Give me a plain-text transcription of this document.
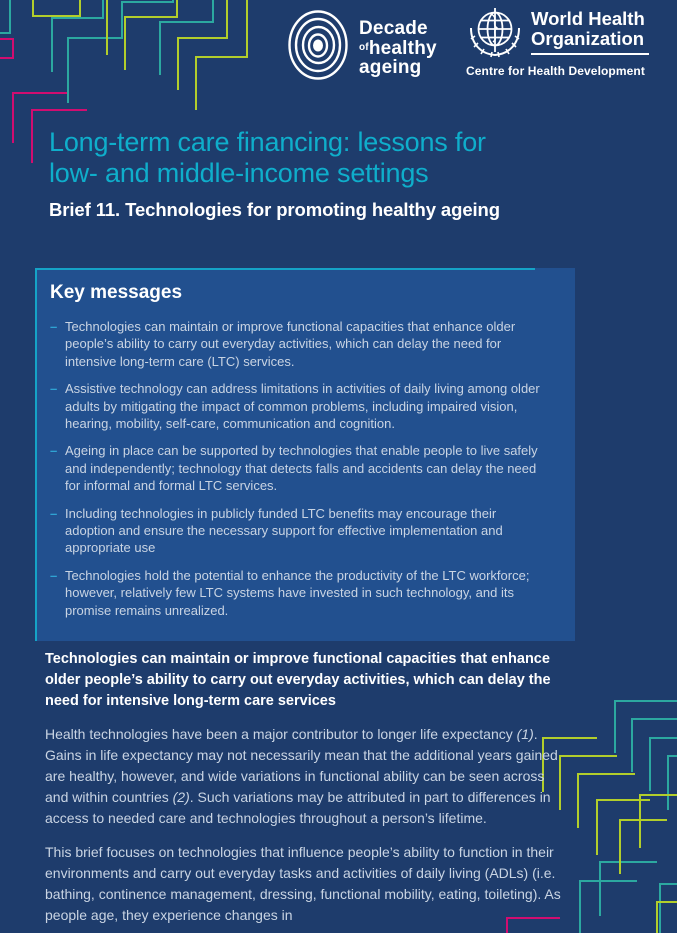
Decade
$^{of}$healthy
ageing
World Health
Organization
Centre for Health Development
Long-term care financing: lessons for
low- and middle-income settings
Brief 11. Technologies for promoting healthy ageing
Key messages
– Technologies can maintain or improve functional capacities that enhance older people’s ability to carry out everyday activities, which can delay the need for intensive long-term care (LTC) services.
– Assistive technology can address limitations in activities of daily living among older adults by mitigating the impact of common problems, including impaired vision, hearing, mobility, self-care, communication and cognition.
– Ageing in place can be supported by technologies that enable people to live safely and independently; technology that detects falls and accidents can delay the need for informal and formal LTC services.
– Including technologies in publicly funded LTC benefits may encourage their adoption and ensure the necessary support for effective implementation and appropriate use
– Technologies hold the potential to enhance the productivity of the LTC workforce; however, relatively few LTC systems have invested in such technology, and its promise remains unrealized.
Technologies can maintain or improve functional capacities that enhance older people’s ability to carry out everyday activities, which can delay the need for intensive long-term care services

Health technologies have been a major contributor to longer life expectancy (1). Gains in life expectancy may not necessarily mean that the additional years gained are healthy, however, and wide variations in functional ability can be seen across and within countries (2). Such variations may be attributed in part to differences in access to needed care and technologies throughout a person’s lifetime.

This brief focuses on technologies that influence people’s ability to function in their environments and carry out everyday tasks and activities of daily living (ADLs) (i.e. bathing, continence management, dressing, functional mobility, eating, toileting). As people age, they experience changes in
